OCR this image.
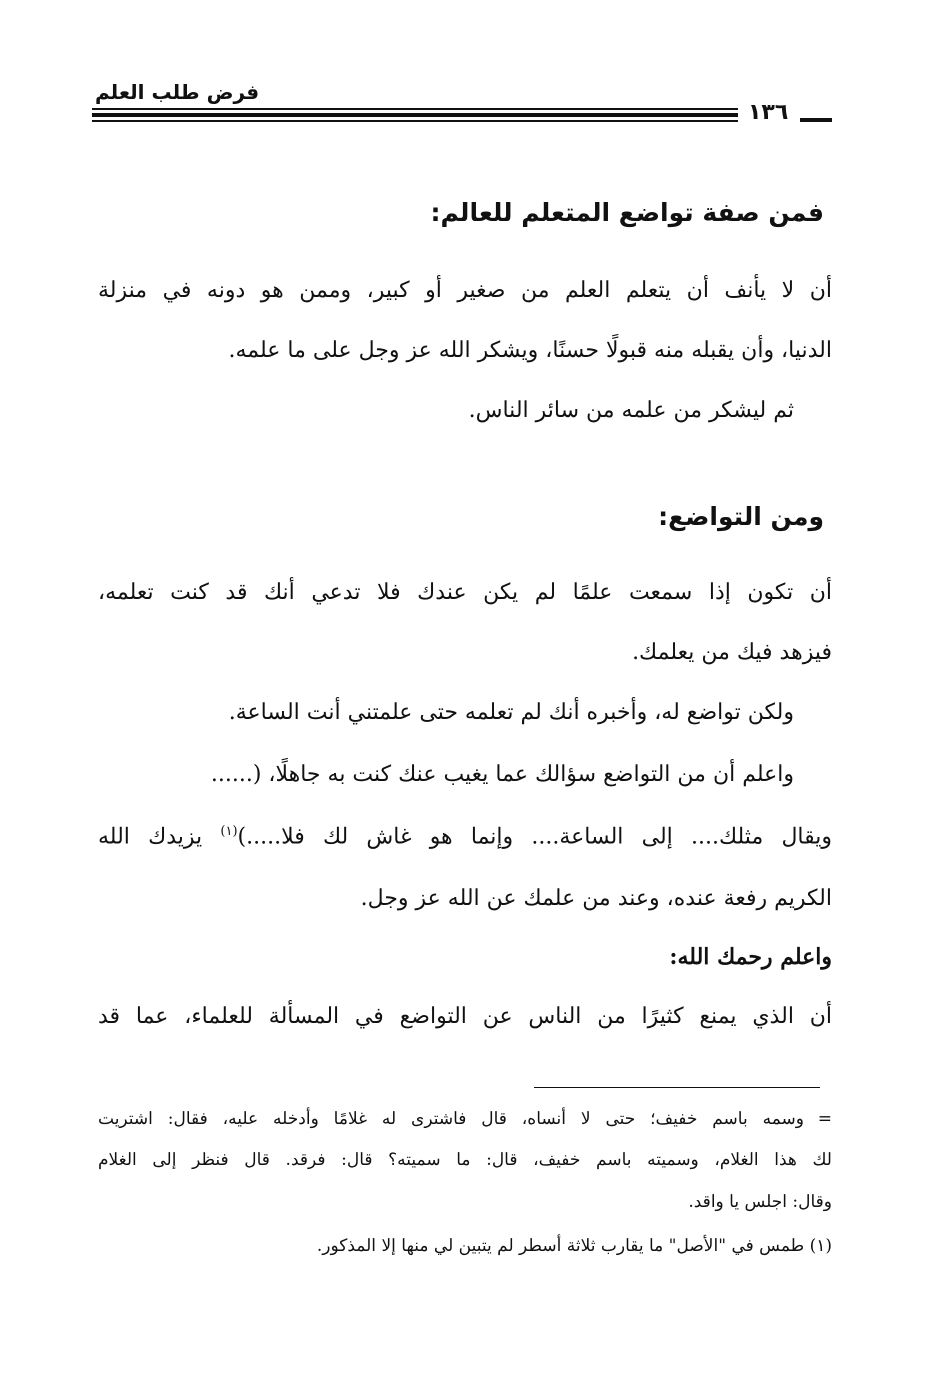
فرض طلب العلم
١٣٦
فمن صفة تواضع المتعلم للعالم:
أن لا يأنف أن يتعلم العلم من صغير أو كبير، وممن هو دونه في منزلة
الدنيا، وأن يقبله منه قبولًا حسنًا، ويشكر الله عز وجل على ما علمه.
ثم ليشكر من علمه من سائر الناس.
ومن التواضع:
أن تكون إذا سمعت علمًا لم يكن عندك فلا تدعي أنك قد كنت تعلمه،
فيزهد فيك من يعلمك.
ولكن تواضع له، وأخبره أنك لم تعلمه حتى علمتني أنت الساعة.
واعلم أن من التواضع سؤالك عما يغيب عنك كنت به جاهلًا، (......
ويقال مثلك.... إلى الساعة.... وإنما هو غاش لك فلا.....)$^{(١)}$ يزيدك الله
الكريم رفعة عنده، وعند من علمك عن الله عز وجل.
واعلم رحمك الله:
أن الذي يمنع كثيرًا من الناس عن التواضع في المسألة للعلماء، عما قد
=
وسمه باسم خفيف؛ حتى لا أنساه، قال فاشترى له غلامًا وأدخله عليه، فقال: اشتريت
لك هذا الغلام، وسميته باسم خفيف، قال: ما سميته؟ قال: فرقد. قال فنظر إلى الغلام
وقال: اجلس يا واقد.
(١) طمس في "الأصل" ما يقارب ثلاثة أسطر لم يتبين لي منها إلا المذكور.
